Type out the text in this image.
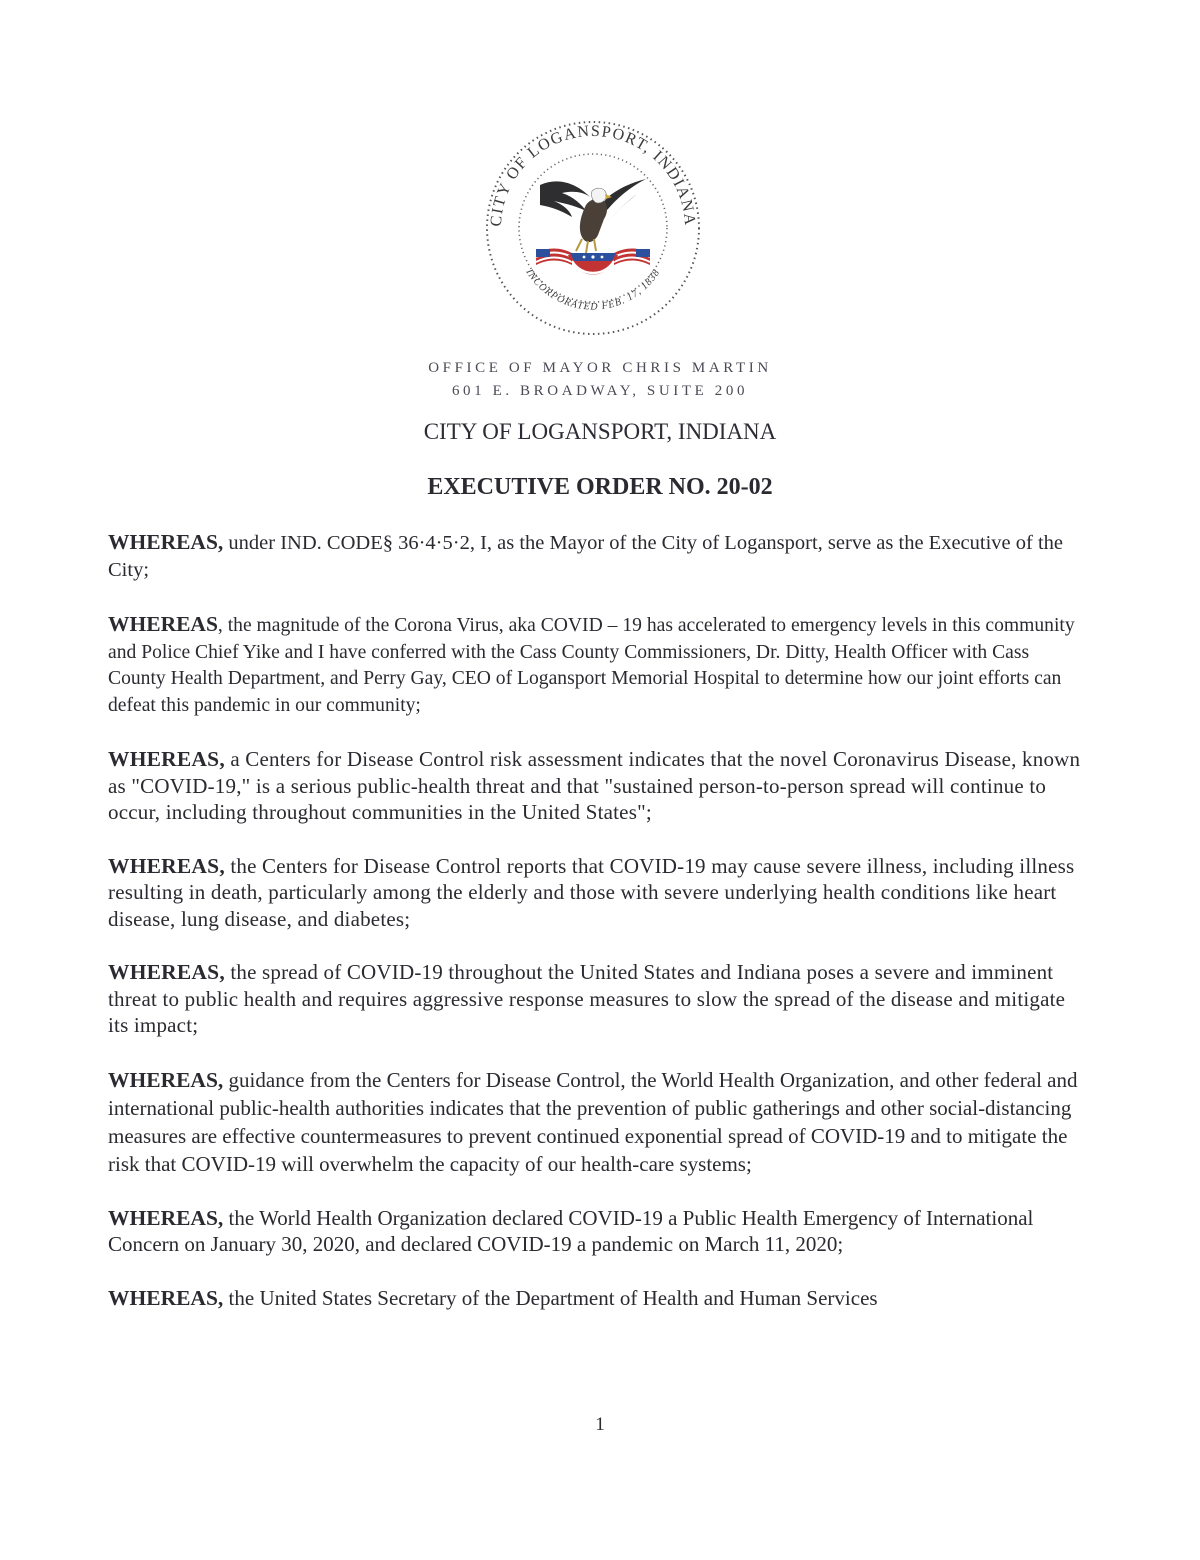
CITY OF LOGANSPORT, INDIANA
INCORPORATED FEB. 17, 1838
OFFICE OF MAYOR CHRIS MARTIN
601 E. BROADWAY, SUITE 200
CITY OF LOGANSPORT, INDIANA
EXECUTIVE ORDER NO. 20-02

WHEREAS, under IND. CODE§ 36·4·5·2, I, as the Mayor of the City of Logansport, serve as the Executive of the City;

WHEREAS, the magnitude of the Corona Virus, aka COVID – 19 has accelerated to emergency levels in this community and Police Chief Yike and I have conferred with the Cass County Commissioners, Dr. Ditty, Health Officer with Cass County Health Department, and Perry Gay, CEO of Logansport Memorial Hospital to determine how our joint efforts can defeat this pandemic in our community;

WHEREAS, a Centers for Disease Control risk assessment indicates that the novel Coronavirus Disease, known as "COVID-19," is a serious public-health threat and that "sustained person-to-person spread will continue to occur, including throughout communities in the United States";

WHEREAS, the Centers for Disease Control reports that COVID-19 may cause severe illness, including illness resulting in death, particularly among the elderly and those with severe underlying health conditions like heart disease, lung disease, and diabetes;

WHEREAS, the spread of COVID-19 throughout the United States and Indiana poses a severe and imminent threat to public health and requires aggressive response measures to slow the spread of the disease and mitigate its impact;

WHEREAS, guidance from the Centers for Disease Control, the World Health Organization, and other federal and international public-health authorities indicates that the prevention of public gatherings and other social-distancing measures are effective countermeasures to prevent continued exponential spread of COVID-19 and to mitigate the risk that COVID-19 will overwhelm the capacity of our health-care systems;

WHEREAS, the World Health Organization declared COVID-19 a Public Health Emergency of International Concern on January 30, 2020, and declared COVID-19 a pandemic on March 11, 2020;

WHEREAS, the United States Secretary of the Department of Health and Human Services

1
